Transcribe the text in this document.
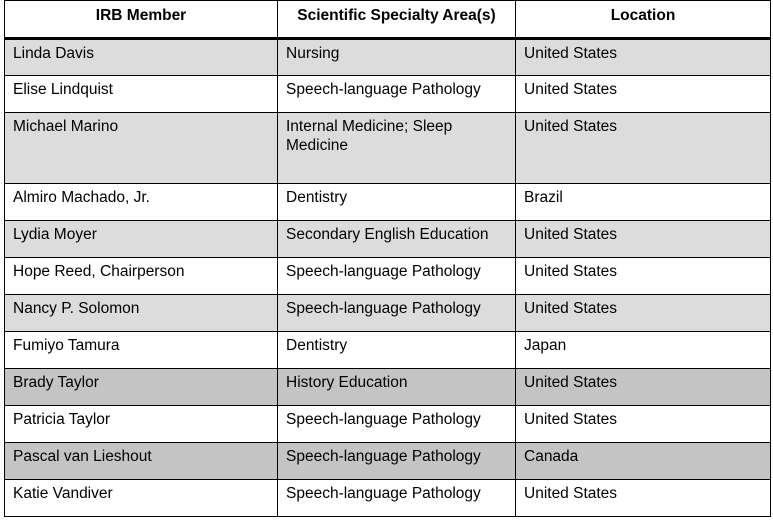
IRB Member	Scientific Specialty Area(s)	Location
Linda Davis	Nursing	United States
Elise Lindquist	Speech-language Pathology	United States
Michael Marino	Internal Medicine; Sleep Medicine	United States
Almiro Machado, Jr.	Dentistry	Brazil
Lydia Moyer	Secondary English Education	United States
Hope Reed, Chairperson	Speech-language Pathology	United States
Nancy P. Solomon	Speech-language Pathology	United States
Fumiyo Tamura	Dentistry	Japan
Brady Taylor	History Education	United States
Patricia Taylor	Speech-language Pathology	United States
Pascal van Lieshout	Speech-language Pathology	Canada
Katie Vandiver	Speech-language Pathology	United States
